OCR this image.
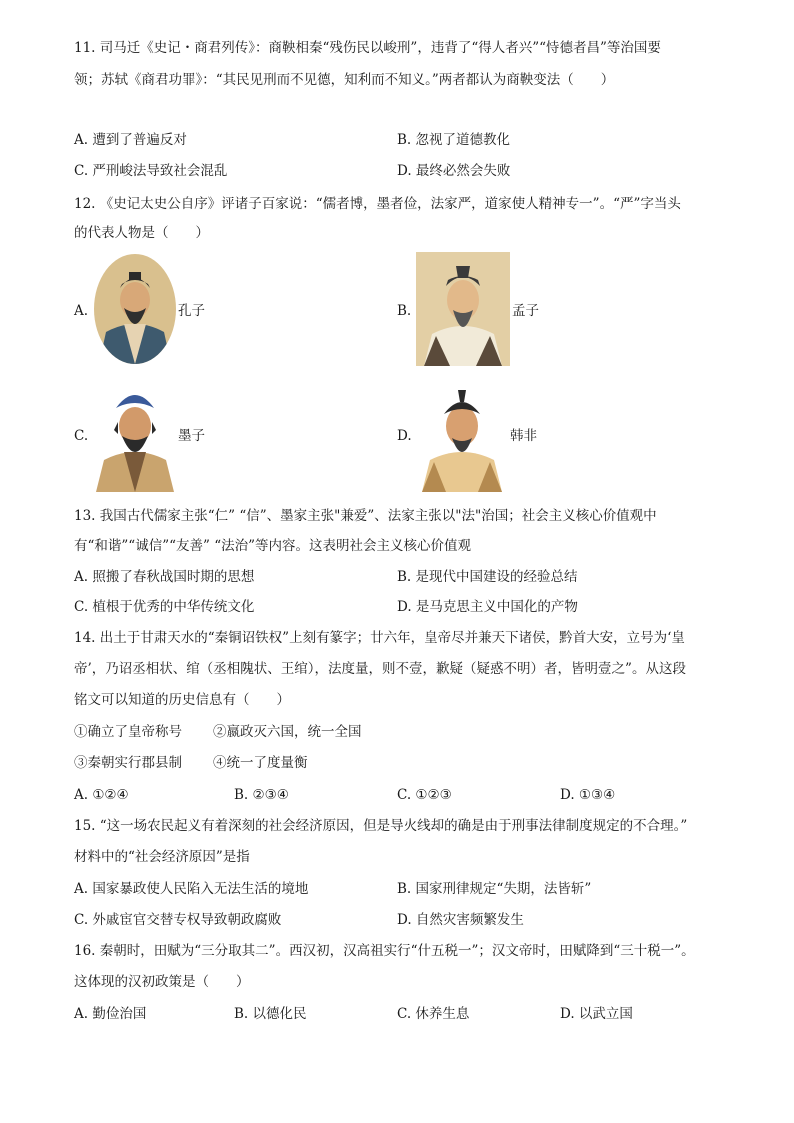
11. 司马迁《史记・商君列传》：商鞅相秦“残伤民以峻刑”，违背了“得人者兴”“恃德者昌”等治国要
领；苏轼《商君功罪》：“其民见刑而不见德，知利而不知义。”两者都认为商鞅变法（　　）
A. 遭到了普遍反对	B. 忽视了道德教化
C. 严刑峻法导致社会混乱	D. 最终必然会失败
12. 《史记太史公自序》评诸子百家说：“儒者博，墨者俭，法家严，道家使人精神专一”。“严”字当头
的代表人物是（　　）
A.	孔子	B.	孟子
C.	墨子	D.	韩非
13. 我国古代儒家主张“仁” “信”、墨家主张"兼爱”、法家主张以"法"治国；社会主义核心价值观中
有“和谐”“诚信”“友善” “法治”等内容。这表明社会主义核心价值观
A. 照搬了春秋战国时期的思想	B. 是现代中国建设的经验总结
C. 植根于优秀的中华传统文化	D. 是马克思主义中国化的产物
14. 出土于甘肃天水的“秦铜诏铁权”上刻有篆字；廿六年，皇帝尽并兼天下诸侯，黔首大安，立号为‘皇
帝’，乃诏丞相状、绾（丞相隗状、王绾），法度量，则不壹，歉疑（疑惑不明）者，皆明壹之”。从这段
铭文可以知道的历史信息有（　　）
①确立了皇帝称号 ②嬴政灭六国，统一全国
③秦朝实行郡县制 ④统一了度量衡
A. ①②④	B. ②③④	C. ①②③	D. ①③④
15. “这一场农民起义有着深刻的社会经济原因，但是导火线却的确是由于刑事法律制度规定的不合理。”
材料中的“社会经济原因”是指
A. 国家暴政使人民陷入无法生活的境地	B. 国家刑律规定“失期，法皆斩”
C. 外戚宦官交替专权导致朝政腐败	D. 自然灾害频繁发生
16. 秦朝时，田赋为“三分取其二”。西汉初，汉高祖实行“什五税一”；汉文帝时，田赋降到“三十税一”。
这体现的汉初政策是（　　）
A. 勤俭治国	B. 以德化民	C. 休养生息	D. 以武立国
